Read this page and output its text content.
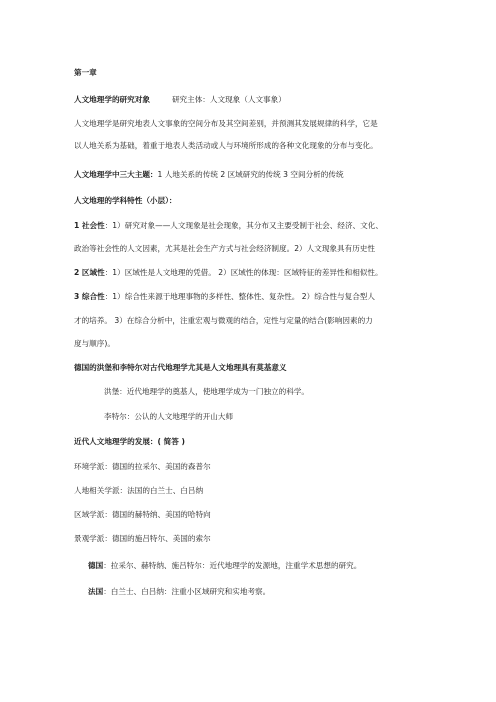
第一章
人文地理学的研究对象	研究主体：人文现象（人文事象）
人文地理学是研究地表人文事象的空间分布及其空间差别，并预测其发展规律的科学，它是
以人地关系为基础，着重于地表人类活动或人与环境所形成的各种文化现象的分布与变化。
人文地理学中三大主题：1 人地关系的传统 2 区域研究的传统 3 空间分析的传统
人文地理的学科特性（小层）：
1 社会性：1）研究对象——人文现象是社会现象，其分布又主要受制于社会、经济、文化、
政治等社会性的人文因素，尤其是社会生产方式与社会经济制度。2）人文现象具有历史性
2 区域性：1）区域性是人文地理的凭借。 2）区域性的体现：区域特征的差异性和相似性。
3 综合性：1）综合性来源于地理事物的多样性、整体性、复杂性。 2）综合性与复合型人
才的培养。 3）在综合分析中，注重宏观与微观的结合，定性与定量的结合(影响因素的力
度与顺序)。
德国的洪堡和李特尔对古代地理学尤其是人文地理具有莫基意义
洪堡：近代地理学的奠基人，使地理学成为一门独立的科学。
李特尔：公认的人文地理学的开山大师
近代人文地理学的发展：( 简答 )
环境学派：德国的拉采尔、美国的森普尔
人地相关学派：法国的白兰士、白吕纳
区域学派：德国的赫特纳、美国的哈特向
景观学派：德国的施吕特尔、美国的索尔
德国：拉采尔、赫特纳、施吕特尔：近代地理学的发源地，注重学术思想的研究。
法国：白兰士、白吕纳：注重小区域研究和实地考察。
